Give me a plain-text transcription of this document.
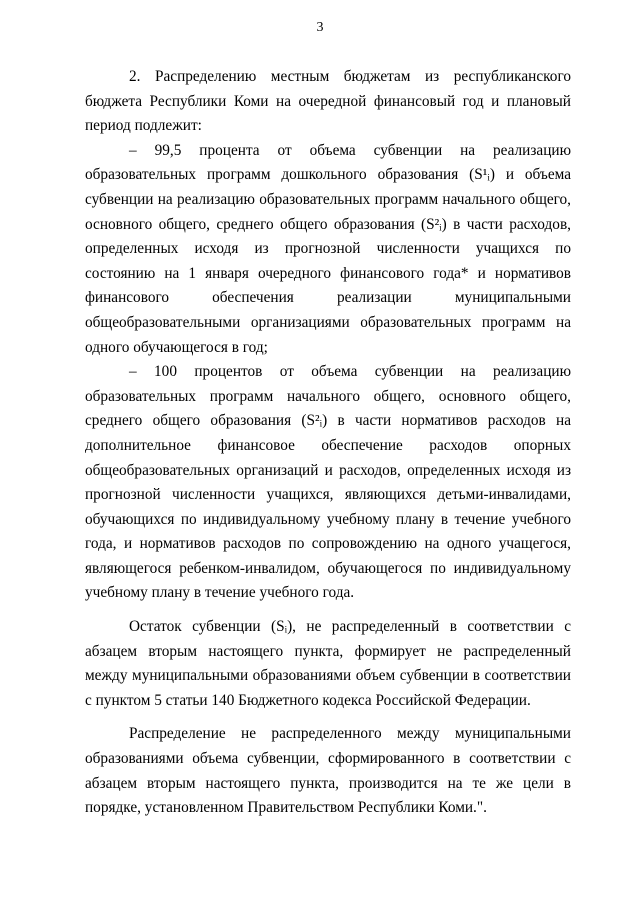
3

2. Распределению местным бюджетам из республиканского бюджета Республики Коми на очередной финансовый год и плановый период подлежит:

– 99,5 процента от объема субвенции на реализацию образовательных программ дошкольного образования (S¹ᵢ) и объема субвенции на реализацию образовательных программ начального общего, основного общего, среднего общего образования (S²ᵢ) в части расходов, определенных исходя из прогнозной численности учащихся по состоянию на 1 января очередного финансового года* и нормативов финансового обеспечения реализации муниципальными общеобразовательными организациями образовательных программ на одного обучающегося в год;

– 100 процентов от объема субвенции на реализацию образовательных программ начального общего, основного общего, среднего общего образования (S²ᵢ) в части нормативов расходов на дополнительное финансовое обеспечение расходов опорных общеобразовательных организаций и расходов, определенных исходя из прогнозной численности учащихся, являющихся детьми-инвалидами, обучающихся по индивидуальному учебному плану в течение учебного года, и нормативов расходов по сопровождению на одного учащегося, являющегося ребенком-инвалидом, обучающегося по индивидуальному учебному плану в течение учебного года.

Остаток субвенции (Sᵢ), не распределенный в соответствии с абзацем вторым настоящего пункта, формирует не распределенный между муниципальными образованиями объем субвенции в соответствии с пунктом 5 статьи 140 Бюджетного кодекса Российской Федерации.

Распределение не распределенного между муниципальными образованиями объема субвенции, сформированного в соответствии с абзацем вторым настоящего пункта, производится на те же цели в порядке, установленном Правительством Республики Коми.".
